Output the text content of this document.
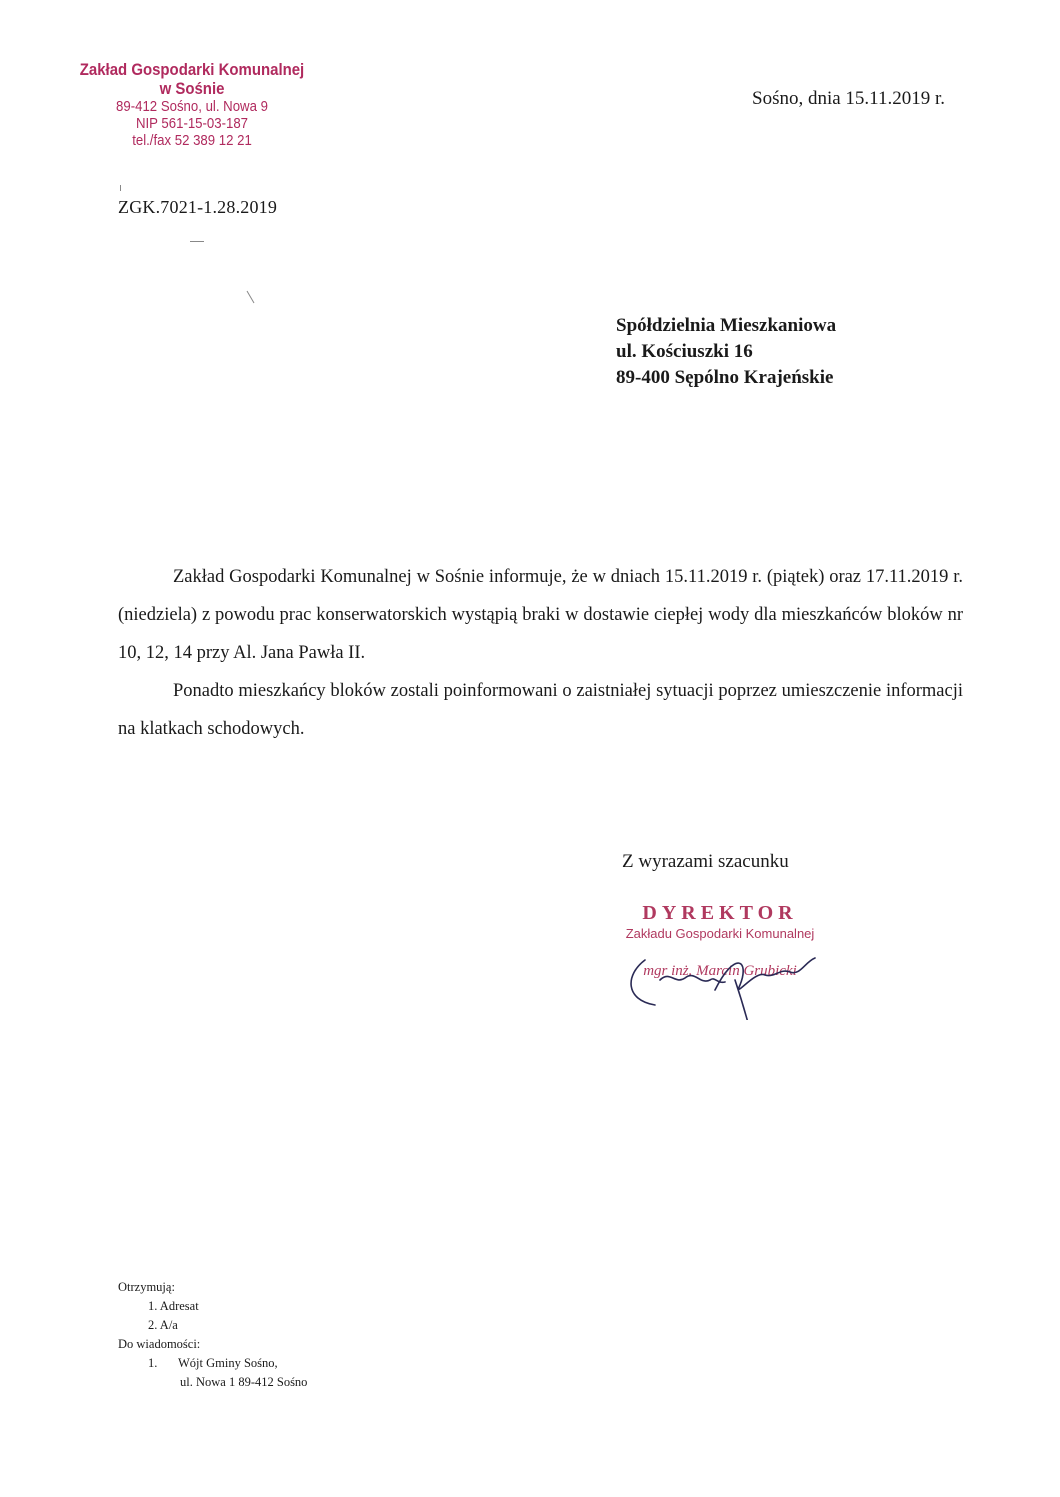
Zakład Gospodarki Komunalnej
w Sośnie
89-412 Sośno, ul. Nowa 9
NIP 561-15-03-187
tel./fax 52 389 12 21
Sośno, dnia 15.11.2019 r.
ZGK.7021-1.28.2019
Spółdzielnia Mieszkaniowa
ul. Kościuszki 16
89-400 Sępólno Krajeńskie

Zakład Gospodarki Komunalnej w Sośnie informuje, że w dniach 15.11.2019 r. (piątek) oraz 17.11.2019 r. (niedziela) z powodu prac konserwatorskich wystąpią braki w dostawie ciepłej wody dla mieszkańców bloków nr 10, 12, 14 przy Al. Jana Pawła II.

Ponadto mieszkańcy bloków zostali poinformowani o zaistniałej sytuacji poprzez umieszczenie informacji na klatkach schodowych.

Z wyrazami szacunku
DYREKTOR
Zakładu Gospodarki Komunalnej
mgr inż. Marcin Grubicki
Otrzymują:
1. Adresat
2. A/a
Do wiadomości:
1. Wójt Gminy Sośno,
ul. Nowa 1 89-412 Sośno
